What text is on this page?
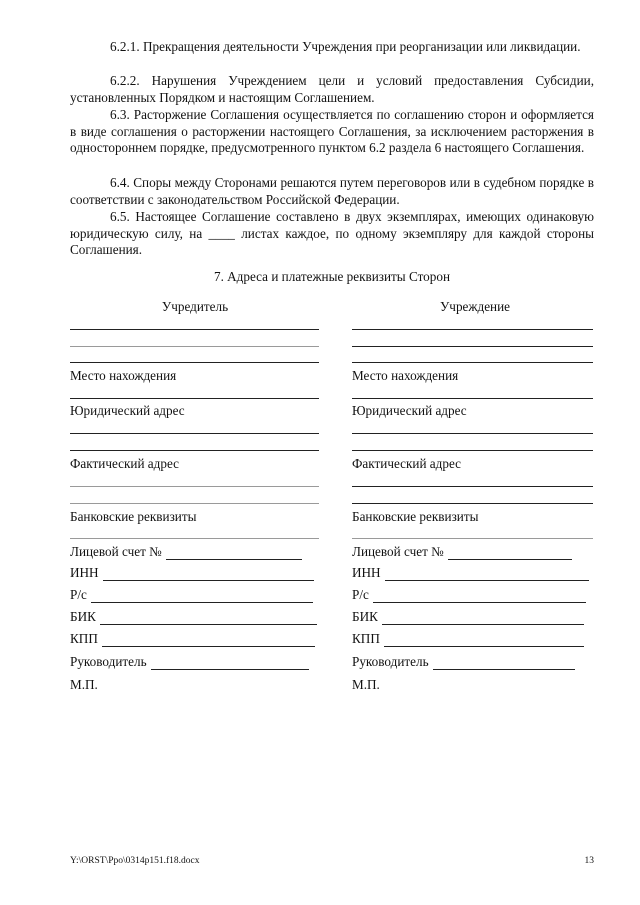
6.2.1. Прекращения деятельности Учреждения при реорганизации или ликвидации.

6.2.2. Нарушения Учреждением цели и условий предоставления Субсидии, установленных Порядком и настоящим Соглашением.

6.3. Расторжение Соглашения осуществляется по соглашению сторон и оформляется в виде соглашения о расторжении настоящего Соглашения, за исключением расторжения в одностороннем порядке, предусмотренного пунктом 6.2 раздела 6 настоящего Соглашения.

6.4. Споры между Сторонами решаются путем переговоров или в судебном порядке в соответствии с законодательством Российской Федерации.

6.5. Настоящее Соглашение составлено в двух экземплярах, имеющих одинаковую юридическую силу, на ____ листах каждое, по одному экземпляру для каждой стороны Соглашения.

7. Адреса и платежные реквизиты Сторон
Учредитель	Учреждение
Место нахождения
Юридический адрес
Фактический адрес
Банковские реквизиты
Лицевой счет №
ИНН
Р/с
БИК
КПП
Руководитель
М.П.
Место нахождения
Юридический адрес
Фактический адрес
Банковские реквизиты
Лицевой счет №
ИНН
Р/с
БИК
КПП
Руководитель
М.П.
Y:\ORST\Ppo\0314p151.f18.docx	13
